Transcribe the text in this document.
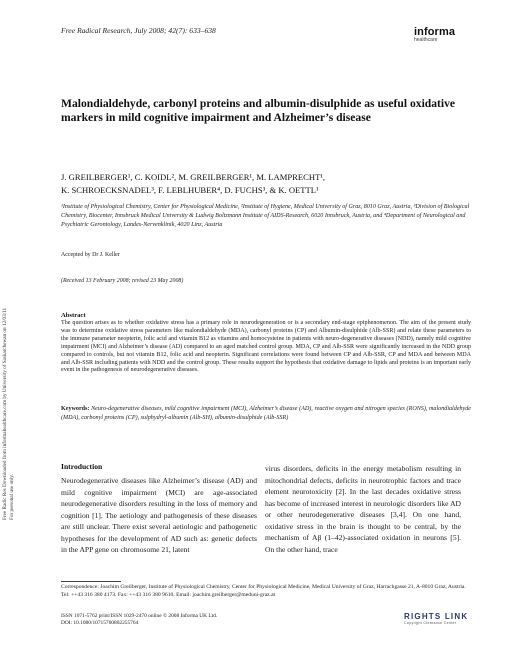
Free Radic Res Downloaded from informahealthcare.com by University of Saskatchewan on 12/03/11 For personal use only.
Free Radical Research, July 2008; 42(7): 633–638	informa
healthcare
Malondialdehyde, carbonyl proteins and albumin-disulphide as useful oxidative markers in mild cognitive impairment and Alzheimer’s disease
J. GREILBERGER¹, C. KOIDL², M. GREILBERGER¹, M. LAMPRECHT¹,
K. SCHROECKSNADEL³, F. LEBLHUBER⁴, D. FUCHS³, & K. OETTL¹
¹Institute of Physiological Chemistry, Center for Physiological Medicine, ²Institute of Hygiene, Medical University of Graz, 8010 Graz, Austria, ³Division of Biological Chemistry, Biocenter, Innsbruck Medical University & Ludwig Boltzmann Institute of AIDS-Research, 6020 Innsbruck, Austria, and ⁴Department of Neurological and Psychiatric Gerontology, Landes-Nervenklinik, 4020 Linz, Austria
Accepted by Dr J. Keller
(Received 13 February 2008; revised 23 May 2008)
Abstract
The question arises as to whether oxidative stress has a primary role in neurodegeneration or is a secondary end-stage epiphenomenon. The aim of the present study was to determine oxidative stress parameters like malondialdehyde (MDA), carbonyl proteins (CP) and Albumin-disulphide (Alb-SSR) and relate these parameters to the immune parameter neopterin, folic acid and vitamin B12 as vitamins and homocysteine in patients with neuro-degenerative diseases (NDD), namely mild cognitive impairment (MCI) and Alzheimer’s disease (AD) compared to an aged matched control group. MDA, CP and Alb-SSR were significantly increased in the NDD group compared to controls, but not vitamin B12, folic acid and neopterin. Significant correlations were found between CP and Alb-SSR, CP and MDA and between MDA and Alb-SSR including patients with NDD and the control group. These results support the hypothesis that oxidative damage to lipids and proteins is an important early event in the pathogenesis of neurodegenerative diseases.
Keywords: Neuro-degenerative diseases, mild cognitive impairment (MCI), Alzheimer’s disease (AD), reactive oxygen and nitrogen species (RONS), malondialdehyde (MDA), carbonyl proteins (CP), sulphydryl-albumin (Alb-SH), albumin-disulphide (Alb-SSR)
Introduction
Neurodegenerative diseases like Alzheimer’s disease (AD) and mild cognitive impairment (MCI) are age-associated neurodegenerative disorders resulting in the loss of memory and cognition [1]. The aetiology and pathogenesis of these diseases are still unclear. There exist several aetiologic and pathogenetic hypotheses for the development of AD such as: genetic defects in the APP gene on chromosome 21, latent
virus disorders, deficits in the energy metabolism resulting in mitochondrial defects, deficits in neurotrophic factors and trace element neurotoxicity [2]. In the last decades oxidative stress has become of increased interest in neurologic disorders like AD or other neurodegenerative diseases [3,4]. On one hand, oxidative stress in the brain is thought to be central, by the mechanism of Aβ (1–42)-associated oxidation in neurons [5]. On the other hand, trace
Correspondence: Joachim Greilberger, Institute of Physiological Chemistry, Center for Physiological Medicine, Medical University of Graz, Harrachgasse 21, A-8010 Graz, Austria. Tel: ++43 316 380 4173. Fax: ++43 316 380 9610. Email: joachim.greilberger@meduni-graz.at
ISSN 1071-5762 print/ISSN 1029-2470 online © 2008 Informa UK Ltd.
DOI: 10.1080/10715760802255764
RIGHTS LINK
Copyright Clearance Center
